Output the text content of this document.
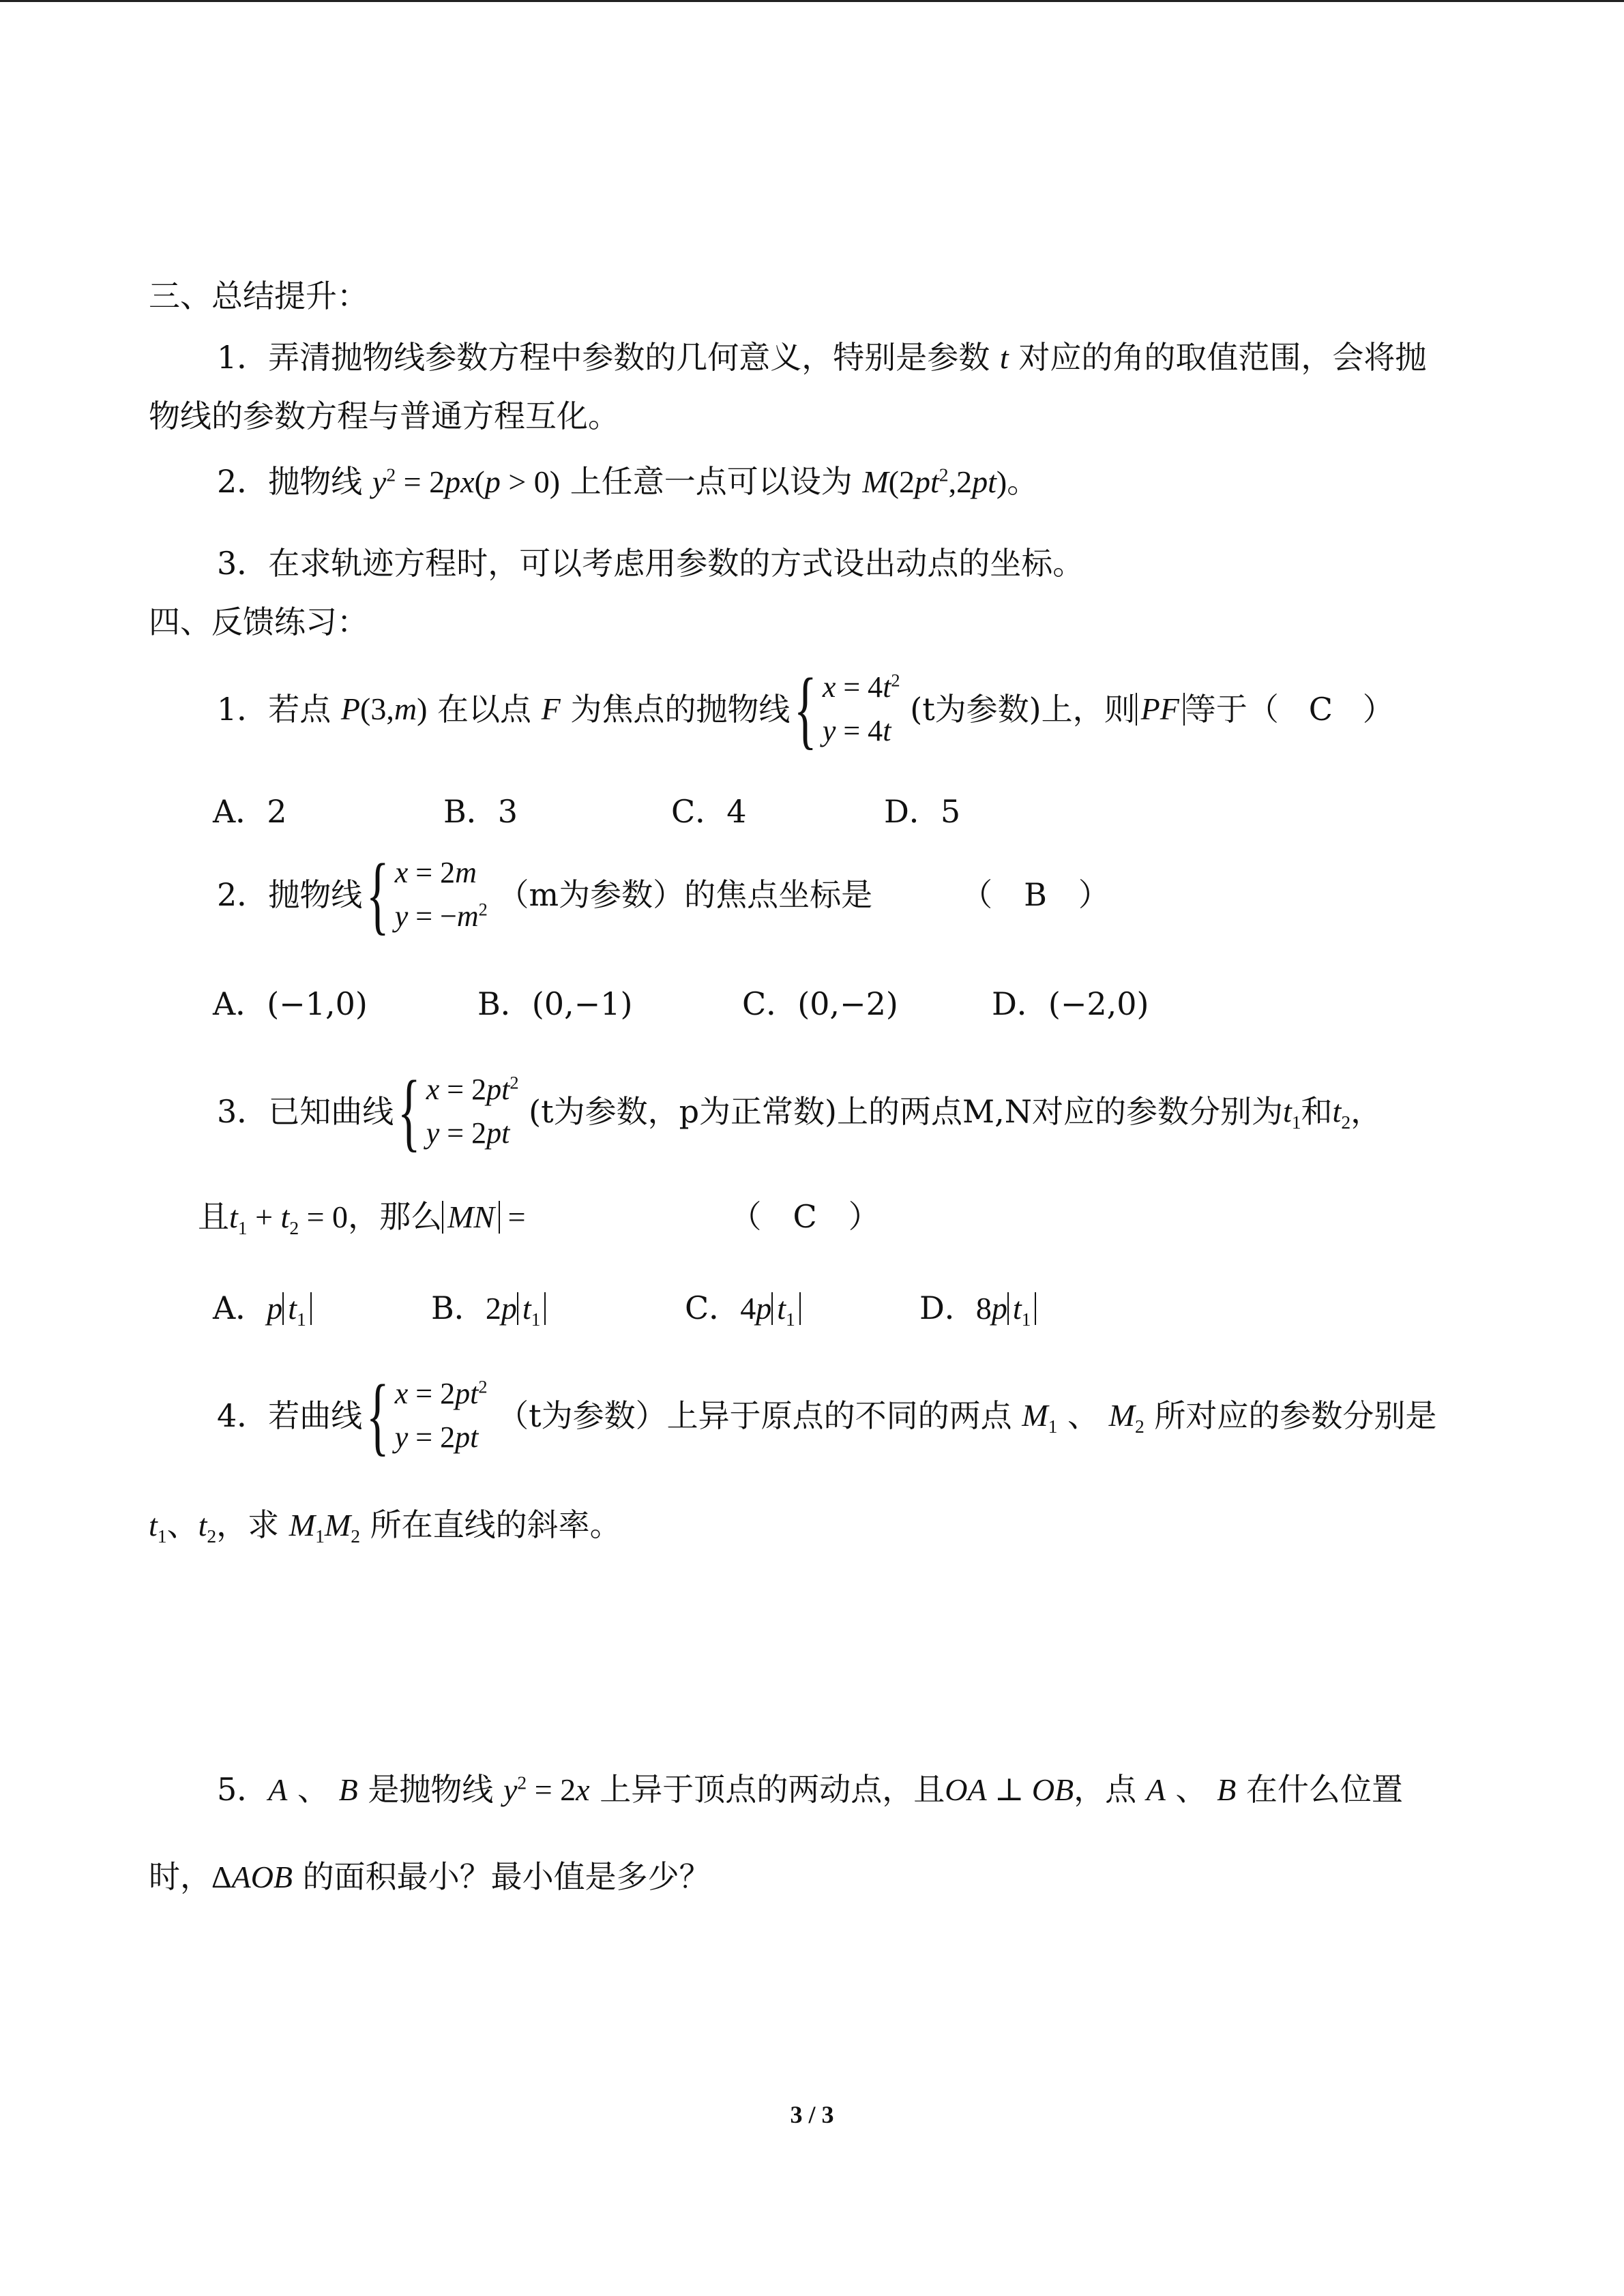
三、总结提升：
1．弄清抛物线参数方程中参数的几何意义，特别是参数 t 对应的角的取值范围，会将抛
物线的参数方程与普通方程互化。
2．抛物线 $y^2 = 2px(p > 0)$ 上任意一点可以设为 $M(2pt^2,2pt)$。
3．在求轨迹方程时，可以考虑用参数的方式设出动点的坐标。
四、反馈练习：
1．若点
P(3,m)
在以点
F
为焦点的抛物线 { $x = 4t^2$
y = 4t

(t为参数) 上，则 PF 等于（
C
）
A．2	B．3	C．4	D．5
2．抛物线 { x = 2m
$y = -m^2$
（m为参数）的焦点坐标是	（　B　）
A．(−1,0)	B．(0,−1)	C．(0,−2)	D．(−2,0)
3．已知曲线 { $x = 2pt^2$
y = 2pt

(t为参数，p为正常数 )上的两点M,N对应的参数分别为 $t_1$ 和 $t_2$ ，
且$t_1 + t_2 = 0$，那么 MN =	（　C　）
A．p $t_1$	B．2p $t_1$	C．4p $t_1$	D．8p $t_1$
4．若曲线 { $x = 2pt^2$
y = 2pt

（t为参数）上异于原点的不同的两点
$M_1$ 、 $M_2$
所对应的参数分别是
$t_1$、$t_2$，求 $M_1M_2$ 所在直线的斜率。
5．A 、 B 是抛物线 $y^2 = 2x$ 上异于顶点的两动点，且OA ⊥ OB，点 A 、 B 在什么位置
时，ΔAOB 的面积最小？最小值是多少？
3 / 3
